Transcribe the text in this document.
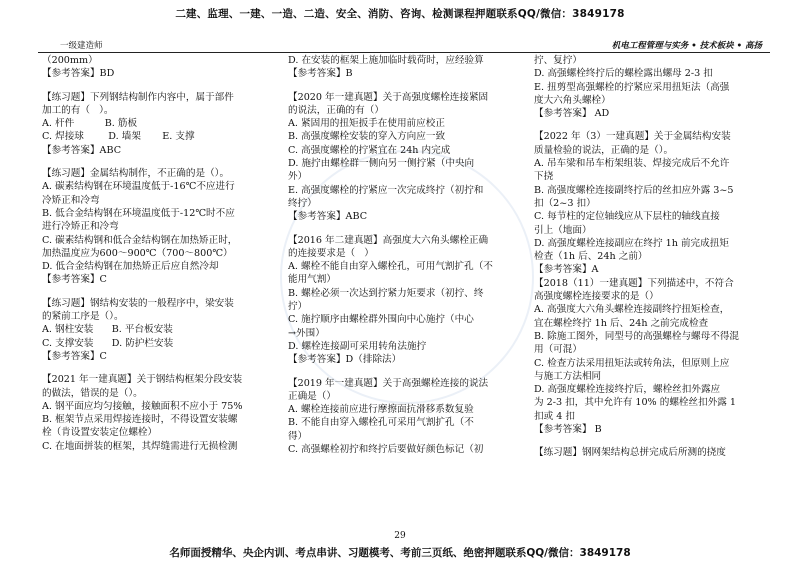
二建、监理、一建、一造、二造、安全、消防、咨询、检测课程押题联系QQ/微信：3849178
一级建造师	机电工程管理与实务 • 技术板块 • 高扬

（200mm）

【参考答案】BD

【练习题】下列钢结构制作内容中，属于部件

加工的有（   ）。

A. 杆件          B. 筋板

C. 焊接球        D. 墙架       E. 支撑

【参考答案】ABC

【练习题】金属结构制作，不正确的是（）。

A. 碳素结构钢在环境温度低于-16℃不应进行

冷矫正和冷弯

B. 低合金结构钢在环境温度低于-12℃时不应

进行冷矫正和冷弯

C. 碳素结构钢和低合金结构钢在加热矫正时，

加热温度应为600～900℃（700～800℃）

D. 低合金结构钢在加热矫正后应自然冷却

【参考答案】C

【练习题】钢结构安装的一般程序中，梁安装

的紧前工序是（）。

A. 钢柱安装      B. 平台板安装

C. 支撑安装      D. 防护栏安装

【参考答案】C

【2021 年一建真题】关于钢结构框架分段安装

的做法，错误的是（）。

A. 钢平面应均匀接触，接触面积不应小于 75%

B. 框架节点采用焊接连接时，不得设置安装螺

栓（肯设置安装定位螺栓）

C. 在地面拼装的框架，其焊缝需进行无损检测

D. 在安装的框架上施加临时载荷时，应经验算

【参考答案】B

【2020 年一建真题】关于高强度螺栓连接紧固

的说法，正确的有（）

A. 紧固用的扭矩扳手在使用前应校正

B. 高强度螺栓安装的穿入方向应一致

C. 高强度螺栓的拧紧宜在 24h 内完成

D. 施拧由螺栓群一侧向另一侧拧紧（中央向

外）

E. 高强度螺栓的拧紧应一次完成终拧（初拧和

终拧）

【参考答案】ABC

【2016 年二建真题】高强度大六角头螺栓正确

的连接要求是（   ）

A. 螺栓不能自由穿入螺栓孔，可用气割扩孔（不

能用气割）

B. 螺栓必须一次达到拧紧力矩要求（初拧、终

拧）

C. 施拧顺序由螺栓群外围向中心施拧（中心

→外围）

D. 螺栓连接副可采用转角法施拧

【参考答案】D（排除法）

【2019 年一建真题】关于高强螺栓连接的说法

正确是（）

A. 螺栓连接前应进行摩擦面抗滑移系数复验

B. 不能自由穿入螺栓孔可采用气割扩孔（不

得）

C. 高强螺栓初拧和终拧后要做好颜色标记（初

拧、复拧）

D. 高强螺栓终拧后的螺栓露出螺母 2-3 扣

E. 扭剪型高强螺栓的拧紧应采用扭矩法（高强

度大六角头螺栓）

【参考答案】 AD

【2022 年（3）一建真题】关于金属结构安装

质量检验的说法，正确的是（）。

A. 吊车梁和吊车桁架组装、焊接完成后不允许

下挠

B. 高强度螺栓连接副终拧后的丝扣应外露 3~5

扣（2~3 扣）

C. 每节柱的定位轴线应从下层柱的轴线直接

引上（地面）

D. 高强度螺栓连接副应在终拧 1h 前完成扭矩

检查（1h 后、24h 之前）

【参考答案】A

【2018（11）一建真题】下列描述中，不符合

高强度螺栓连接要求的是（）

A. 高强度大六角头螺栓连接副终拧扭矩检查，

宜在螺栓终拧 1h 后、24h 之前完成检查

B. 除施工图外，同型号的高强螺栓与螺母不得混

用（可混）

C. 检查方法采用扭矩法或转角法，但原则上应

与施工方法相同

D. 高强度螺栓连接终拧后，螺栓丝扣外露应

为 2-3 扣，其中允许有 10% 的螺栓丝扣外露 1

扣或 4 扣

【参考答案】 B

【练习题】钢网架结构总拼完成后所测的挠度

29
名师面授精华、央企内训、考点串讲、习题模考、考前三页纸、绝密押题联系QQ/微信：3849178
